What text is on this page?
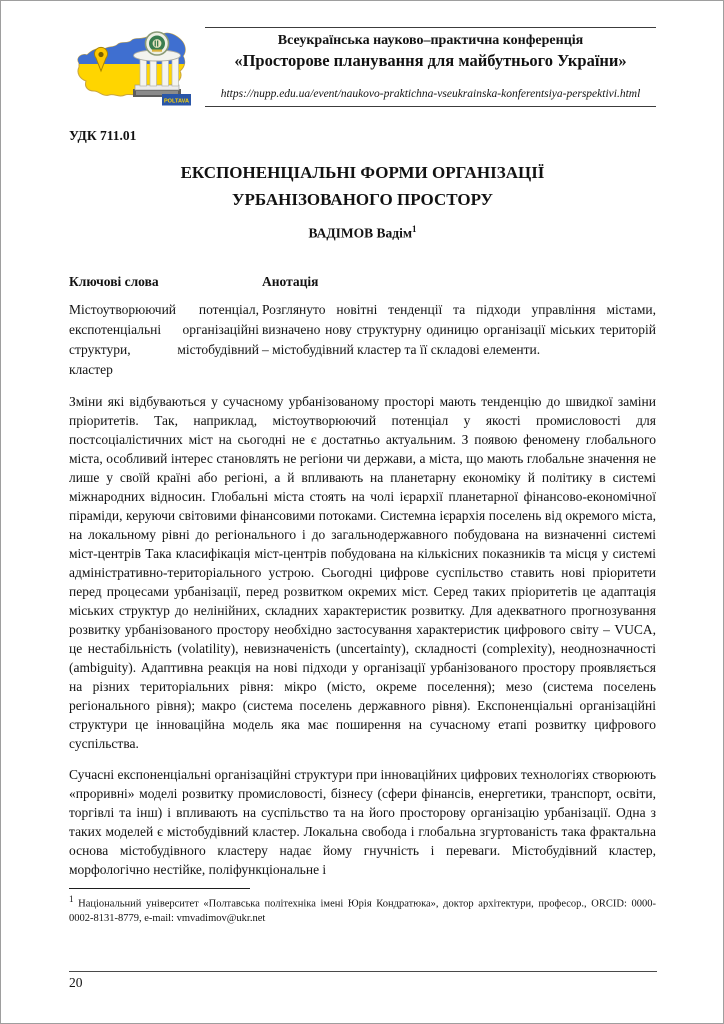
POLTAVA
Всеукраїнська науково–практична конференція
«Просторове планування для майбутнього України»
https://nupp.edu.ua/event/naukovo-praktichna-vseukrainska-konferentsiya-perspektivi.html
УДК 711.01
ЕКСПОНЕНЦІАЛЬНІ ФОРМИ ОРГАНІЗАЦІЇ
УРБАНІЗОВАНОГО ПРОСТОРУ
ВАДІМОВ Вадім$^1$
Ключові слова
Містоутворюючий потенціал, експотенціальні організаційні структури, містобудівний кластер
Анотація
Розглянуто новітні тенденції та підходи управління містами, визначено нову структурну одиницю організації міських територій – містобудівний кластер та її складові елементи.
Зміни які відбуваються у сучасному урбанізованому просторі мають тенденцію до швидкої заміни пріоритетів. Так, наприклад, містоутворюючий потенціал у якості промисловості для постсоціалістичних міст на сьогодні не є достатньо актуальним. З появою феномену глобального міста, особливий інтерес становлять не регіони чи держави, а міста, що мають глобальне значення не лише у своїй країні або регіоні, а й впливають на планетарну економіку й політику в системі міжнародних відносин. Глобальні міста стоять на чолі ієрархії планетарної фінансово-економічної піраміди, керуючи світовими фінансовими потоками. Системна ієрархія поселень від окремого міста, на локальному рівні до регіонального і до загальнодержавного побудована на визначенні системі міст-центрів Така класифікація міст-центрів побудована на кількісних показників та місця у системі адміністративно-територіального устрою. Сьогодні цифрове суспільство ставить нові пріоритети перед процесами урбанізації, перед розвитком окремих міст. Серед таких пріоритетів це адаптація міських структур до нелінійних, складних характеристик розвитку. Для адекватного прогнозування розвитку урбанізованого простору необхідно застосування характеристик цифрового світу – VUCA, це нестабільність (volatility), невизначеність (uncertainty), складності (complexity), неоднозначності (ambiguity). Адаптивна реакція на нові підходи у організації урбанізованого простору проявляється на різних територіальних рівня: мікро (місто, окреме поселення); мезо (система поселень регіонального рівня); макро (система поселень державного рівня). Експоненціальні організаційні структури це інноваційна модель яка має поширення на сучасному етапі розвитку цифрового суспільства.
Сучасні експоненціальні організаційні структури при інноваційних цифрових технологіях створюють «проривні» моделі розвитку промисловості, бізнесу (сфери фінансів, енергетики, транспорт, освіти, торгівлі та інш) і впливають на суспільство та на його просторову організацію урбанізації. Одна з таких моделей є містобудівний кластер. Локальна свобода і глобальна згуртованість така фрактальна основа містобудівного кластеру надає йому гнучність і переваги. Містобудівний кластер, морфологічно нестійке, поліфункціональне і
$^1$ Національний університет «Полтавська політехніка імені Юрія Кондратюка», доктор архітектури, професор., ORCID: 0000-0002-8131-8779, e-mail: vmvadimov@ukr.net
20
